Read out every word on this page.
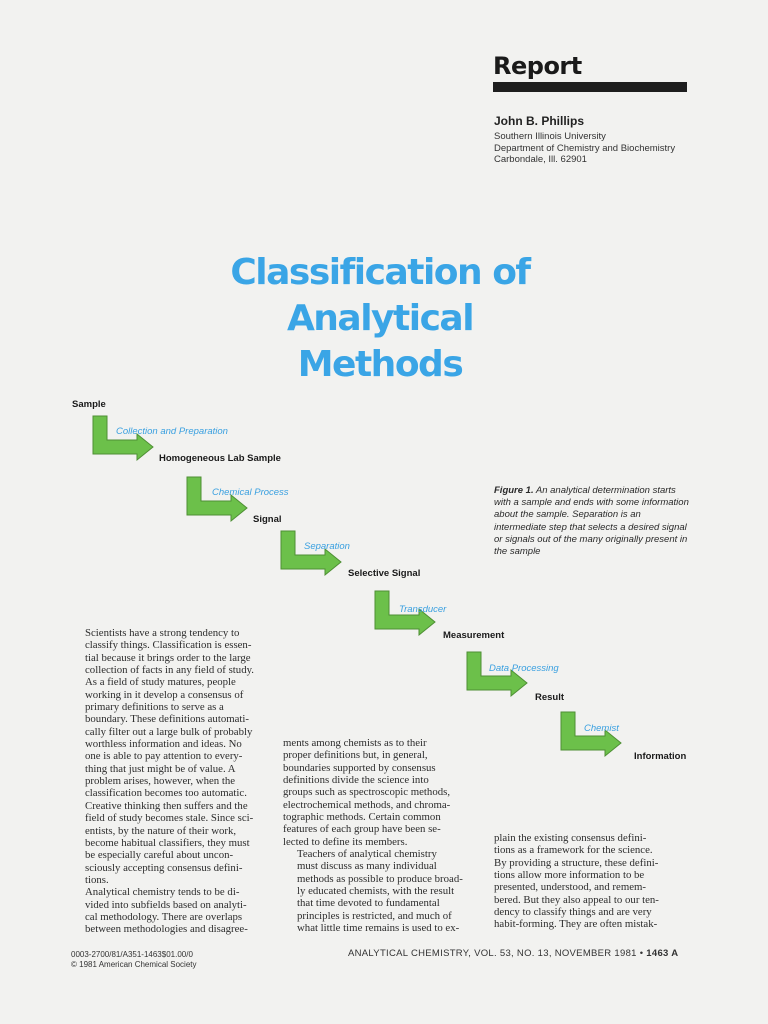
Report
John B. Phillips
Southern Illinois University
Department of Chemistry and Biochemistry
Carbondale, Ill. 62901
Classification of
Analytical
Methods
Sample
Collection and Preparation
Homogeneous Lab Sample
Chemical Process
Signal
Separation
Selective Signal
Transducer
Measurement
Data Processing
Result
Chemist
Information
Figure 1. An analytical determination starts with a sample and ends with some information about the sample. Separation is an intermediate step that selects a desired signal or signals out of the many originally present in the sample

Scientists have a strong tendency to
classify things. Classification is essen-
tial because it brings order to the large
collection of facts in any field of study.
As a field of study matures, people
working in it develop a consensus of
primary definitions to serve as a
boundary. These definitions automati-
cally filter out a large bulk of probably
worthless information and ideas. No
one is able to pay attention to every-
thing that just might be of value. A
problem arises, however, when the
classification becomes too automatic.
Creative thinking then suffers and the
field of study becomes stale. Since sci-
entists, by the nature of their work,
become habitual classifiers, they must
be especially careful about uncon-
sciously accepting consensus defini-
tions.

Analytical chemistry tends to be di-
vided into subfields based on analyti-
cal methodology. There are overlaps
between methodologies and disagree-

ments among chemists as to their
proper definitions but, in general,
boundaries supported by consensus
definitions divide the science into
groups such as spectroscopic methods,
electrochemical methods, and chroma-
tographic methods. Certain common
features of each group have been se-
lected to define its members.

Teachers of analytical chemistry
must discuss as many individual
methods as possible to produce broad-
ly educated chemists, with the result
that time devoted to fundamental
principles is restricted, and much of
what little time remains is used to ex-

plain the existing consensus defini-
tions as a framework for the science.
By providing a structure, these defini-
tions allow more information to be
presented, understood, and remem-
bered. But they also appeal to our ten-
dency to classify things and are very
habit-forming. They are often mistak-

0003-2700/81/A351-1463$01.00/0
© 1981 American Chemical Society
ANALYTICAL CHEMISTRY, VOL. 53, NO. 13, NOVEMBER 1981 • 1463 A
